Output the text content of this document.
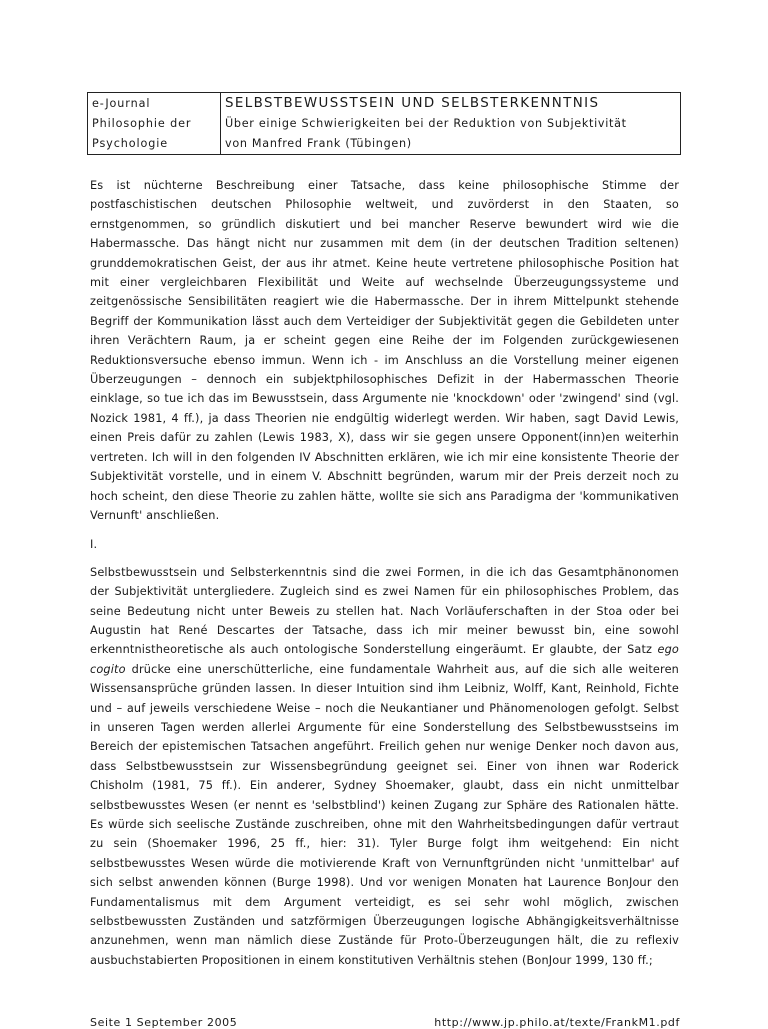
e-Journal
Philosophie der
Psychologie

SELBSTBEWUSSTSEIN UND SELBSTERKENNTNIS
Über einige Schwierigkeiten bei der Reduktion von Subjektivität
von Manfred Frank (Tübingen)

Es ist nüchterne Beschreibung einer Tatsache, dass keine philosophische Stimme der postfaschistischen deutschen Philosophie weltweit, und zuvörderst in den Staaten, so ernstgenommen, so gründlich diskutiert und bei mancher Reserve bewundert wird wie die Habermassche. Das hängt nicht nur zusammen mit dem (in der deutschen Tradition seltenen) grunddemokratischen Geist, der aus ihr atmet. Keine heute vertretene philosophische Position hat mit einer vergleichbaren Flexibilität und Weite auf wechselnde Überzeugungssysteme und zeitgenössische Sensibilitäten reagiert wie die Habermassche. Der in ihrem Mittelpunkt stehende Begriff der Kommunikation lässt auch dem Verteidiger der Subjektivität gegen die Gebildeten unter ihren Verächtern Raum, ja er scheint gegen eine Reihe der im Folgenden zurückgewiesenen Reduktionsversuche ebenso immun. Wenn ich - im Anschluss an die Vorstellung meiner eigenen Überzeugungen – dennoch ein subjektphilosophisches Defizit in der Habermasschen Theorie einklage, so tue ich das im Bewusstsein, dass Argumente nie 'knockdown' oder 'zwingend' sind (vgl. Nozick 1981, 4 ff.), ja dass Theorien nie endgültig widerlegt werden. Wir haben, sagt David Lewis, einen Preis dafür zu zahlen (Lewis 1983, X), dass wir sie gegen unsere Opponent(inn)en weiterhin vertreten. Ich will in den folgenden IV Abschnitten erklären, wie ich mir eine konsistente Theorie der Subjektivität vorstelle, und in einem V. Abschnitt begründen, warum mir der Preis derzeit noch zu hoch scheint, den diese Theorie zu zahlen hätte, wollte sie sich ans Paradigma der 'kommunikativen Vernunft' anschließen.

I.

Selbstbewusstsein und Selbsterkenntnis sind die zwei Formen, in die ich das Gesamtphänonomen der Subjektivität untergliedere. Zugleich sind es zwei Namen für ein philosophisches Problem, das seine Bedeutung nicht unter Beweis zu stellen hat. Nach Vorläuferschaften in der Stoa oder bei Augustin hat René Descartes der Tatsache, dass ich mir meiner bewusst bin, eine sowohl erkenntnistheoretische als auch ontologische Sonderstellung eingeräumt. Er glaubte, der Satz ego cogito drücke eine unerschütterliche, eine fundamentale Wahrheit aus, auf die sich alle weiteren Wissensansprüche gründen lassen. In dieser Intuition sind ihm Leibniz, Wolff, Kant, Reinhold, Fichte und – auf jeweils verschiedene Weise – noch die Neukantianer und Phänomenologen gefolgt. Selbst in unseren Tagen werden allerlei Argumente für eine Sonderstellung des Selbstbewusstseins im Bereich der epistemischen Tatsachen angeführt. Freilich gehen nur wenige Denker noch davon aus, dass Selbstbewusstsein zur Wissensbegründung geeignet sei. Einer von ihnen war Roderick Chisholm (1981, 75 ff.). Ein anderer, Sydney Shoemaker, glaubt, dass ein nicht unmittelbar selbstbewusstes Wesen (er nennt es 'selbstblind') keinen Zugang zur Sphäre des Rationalen hätte. Es würde sich seelische Zustände zuschreiben, ohne mit den Wahrheitsbedingungen dafür vertraut zu sein (Shoemaker 1996, 25 ff., hier: 31). Tyler Burge folgt ihm weitgehend: Ein nicht selbstbewusstes Wesen würde die motivierende Kraft von Vernunftgründen nicht 'unmittelbar' auf sich selbst anwenden können (Burge 1998). Und vor wenigen Monaten hat Laurence BonJour den Fundamentalismus mit dem Argument verteidigt, es sei sehr wohl möglich, zwischen selbstbewussten Zuständen und satzförmigen Überzeugungen logische Abhängigkeitsverhältnisse anzunehmen, wenn man nämlich diese Zustände für Proto-Überzeugungen hält, die zu reflexiv ausbuchstabierten Propositionen in einem konstitutiven Verhältnis stehen (BonJour 1999, 130 ff.;

Seite 1 September 2005	http://www.jp.philo.at/texte/FrankM1.pdf
